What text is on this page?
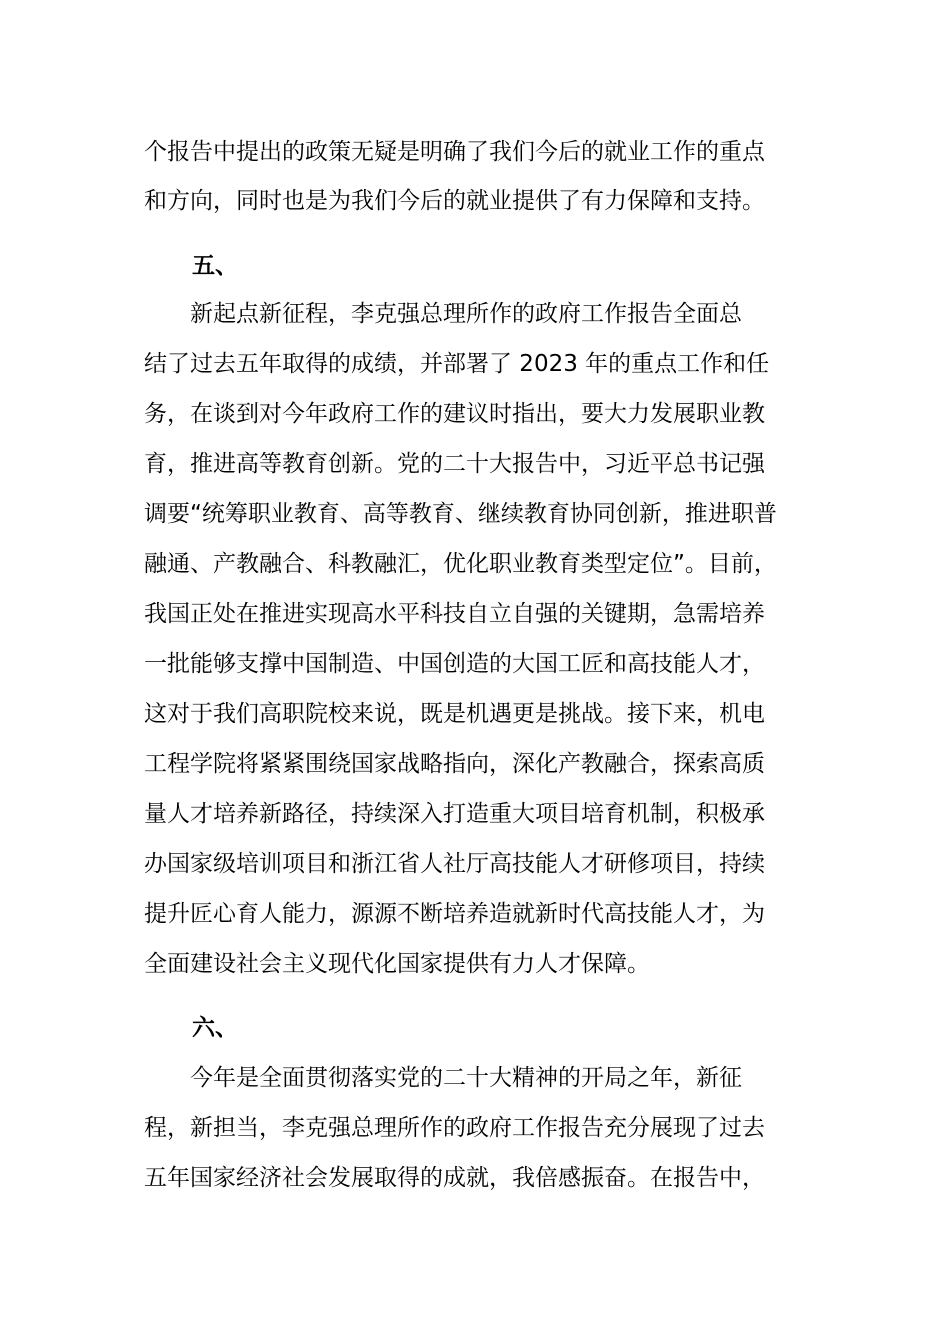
个报告中提出的政策无疑是明确了我们今后的就业工作的重点
和方向，同时也是为我们今后的就业提供了有力保障和支持。
五、
　　新起点新征程，李克强总理所作的政府工作报告全面总
结了过去五年取得的成绩，并部署了 2023 年的重点工作和任
务，在谈到对今年政府工作的建议时指出，要大力发展职业教
育，推进高等教育创新。党的二十大报告中，习近平总书记强
调要“统筹职业教育、高等教育、继续教育协同创新，推进职普
融通、产教融合、科教融汇，优化职业教育类型定位”。目前，
我国正处在推进实现高水平科技自立自强的关键期，急需培养
一批能够支撑中国制造、中国创造的大国工匠和高技能人才，
这对于我们高职院校来说，既是机遇更是挑战。接下来，机电
工程学院将紧紧围绕国家战略指向，深化产教融合，探索高质
量人才培养新路径，持续深入打造重大项目培育机制，积极承
办国家级培训项目和浙江省人社厅高技能人才研修项目，持续
提升匠心育人能力，源源不断培养造就新时代高技能人才，为
全面建设社会主义现代化国家提供有力人才保障。
六、
　　今年是全面贯彻落实党的二十大精神的开局之年，新征
程，新担当，李克强总理所作的政府工作报告充分展现了过去
五年国家经济社会发展取得的成就，我倍感振奋。在报告中，
